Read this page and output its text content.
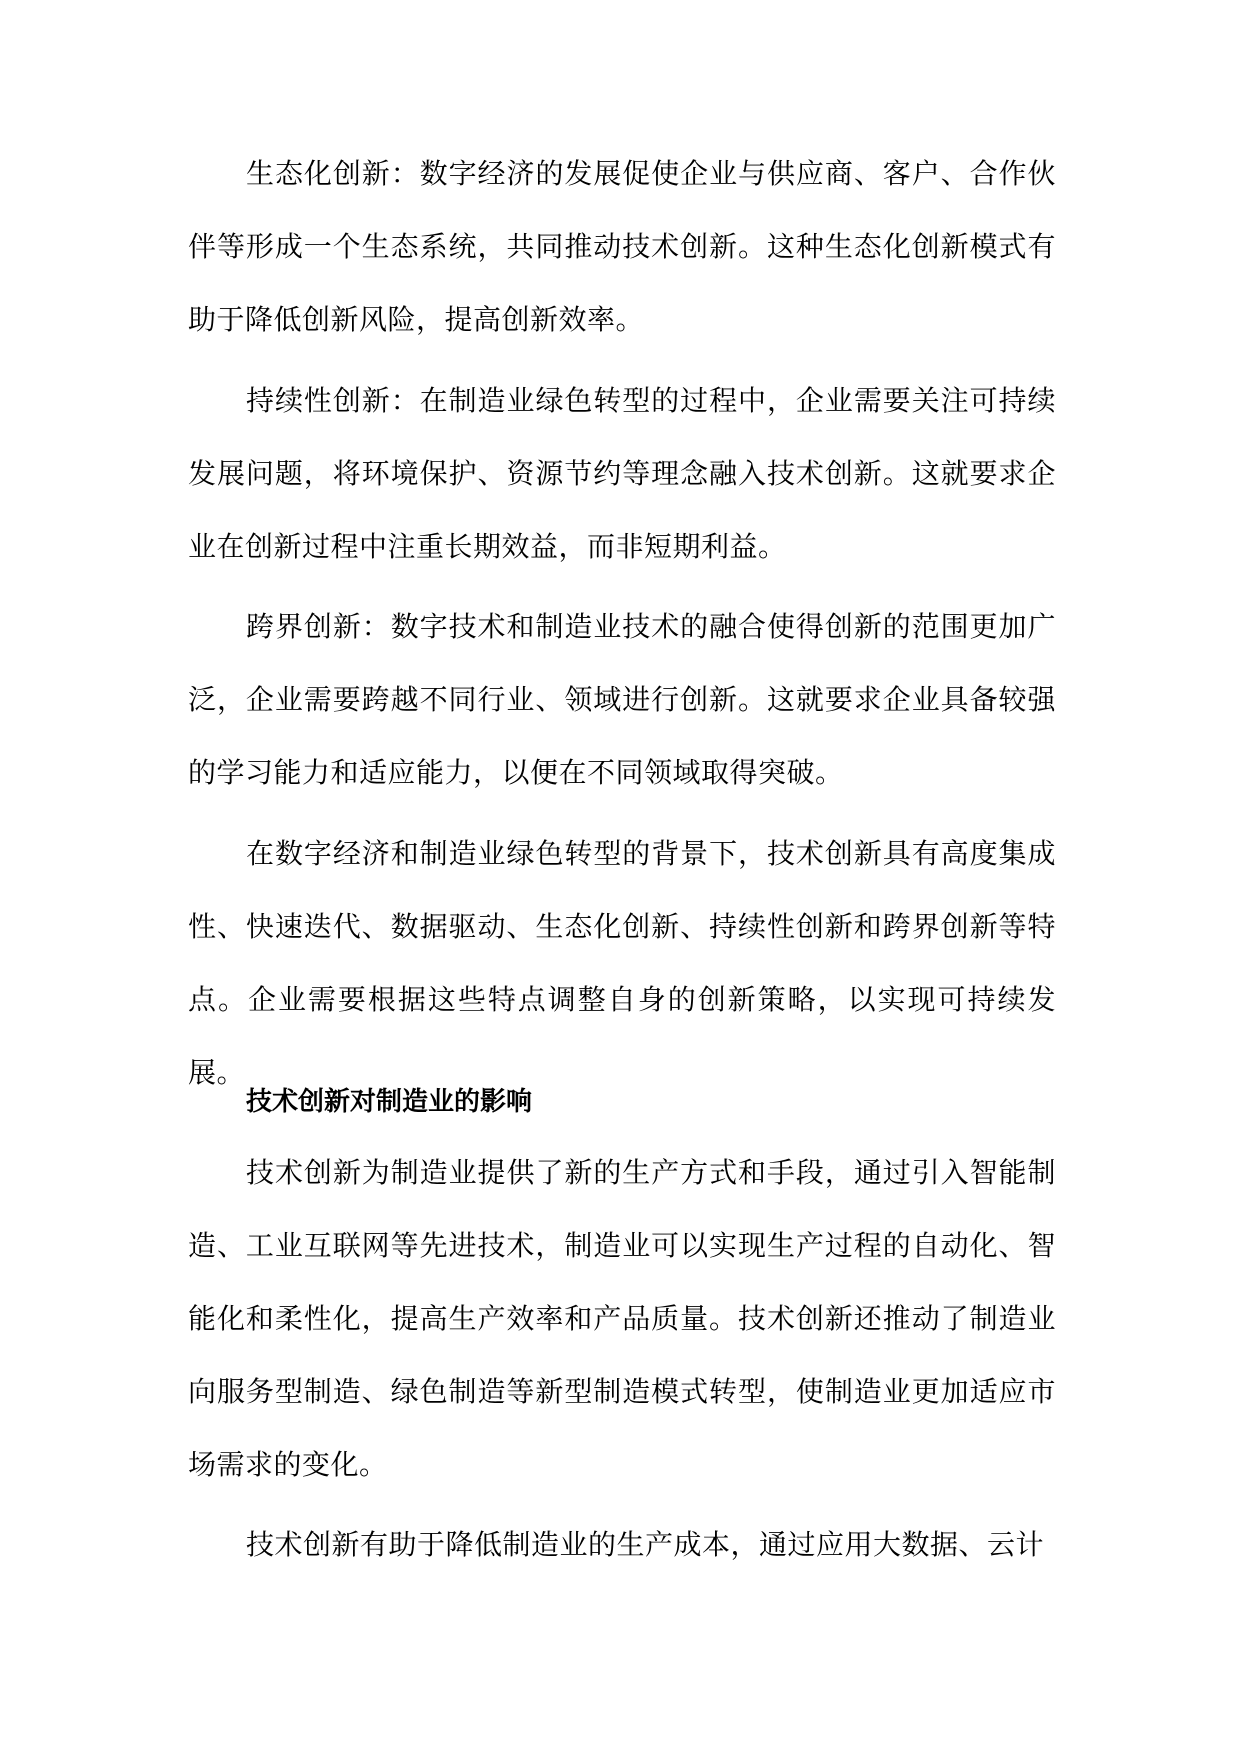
生态化创新：数字经济的发展促使企业与供应商、客户、合作伙伴等形成一个生态系统，共同推动技术创新。这种生态化创新模式有助于降低创新风险，提高创新效率。

持续性创新：在制造业绿色转型的过程中，企业需要关注可持续发展问题，将环境保护、资源节约等理念融入技术创新。这就要求企业在创新过程中注重长期效益，而非短期利益。

跨界创新：数字技术和制造业技术的融合使得创新的范围更加广泛，企业需要跨越不同行业、领域进行创新。这就要求企业具备较强的学习能力和适应能力，以便在不同领域取得突破。

在数字经济和制造业绿色转型的背景下，技术创新具有高度集成性、快速迭代、数据驱动、生态化创新、持续性创新和跨界创新等特点。企业需要根据这些特点调整自身的创新策略，以实现可持续发展。

技术创新对制造业的影响

技术创新为制造业提供了新的生产方式和手段，通过引入智能制造、工业互联网等先进技术，制造业可以实现生产过程的自动化、智能化和柔性化，提高生产效率和产品质量。技术创新还推动了制造业向服务型制造、绿色制造等新型制造模式转型，使制造业更加适应市场需求的变化。

技术创新有助于降低制造业的生产成本，通过应用大数据、云计
